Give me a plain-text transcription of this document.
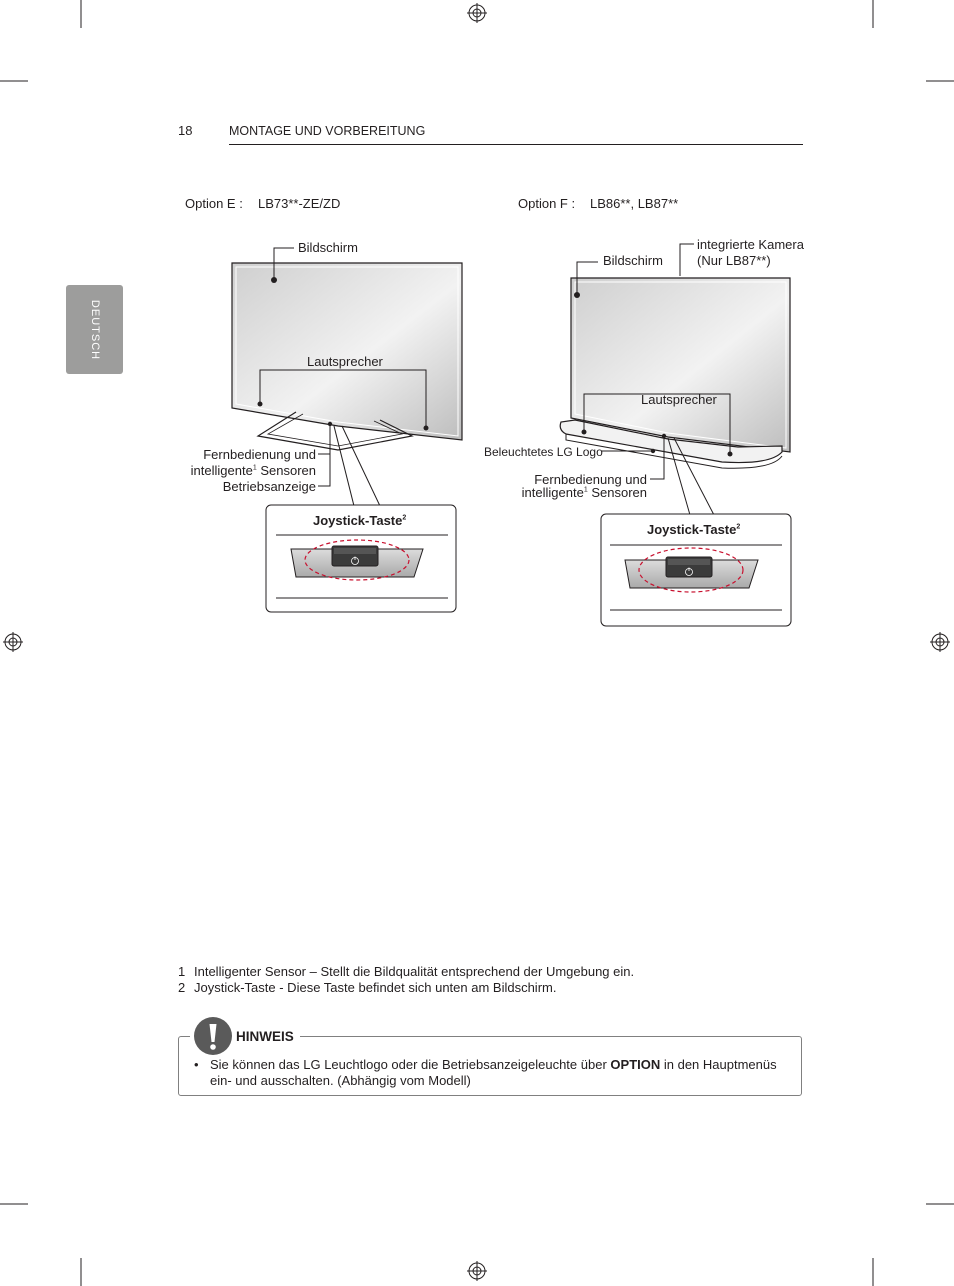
18	MONTAGE UND VORBEREITUNG
DEUTSCH
Option E : LB73**-ZE/ZD	Option F : LB86**, LB87**
Bildschirm
Lautsprecher
Fernbedienung und
intelligente$^1$ Sensoren
Betriebsanzeige
Joystick-Taste$^2$
Bildschirm
integrierte Kamera
(Nur LB87**)
Lautsprecher
Beleuchtetes LG Logo
Fernbedienung und
intelligente$^1$ Sensoren
Joystick-Taste$^2$
1 Intelligenter Sensor – Stellt die Bildqualität entsprechend der Umgebung ein.
2 Joystick-Taste - Diese Taste befindet sich unten am Bildschirm.
HINWEIS
• Sie können das LG Leuchtlogo oder die Betriebsanzeigeleuchte über OPTION in den Hauptmenüs
ein- und ausschalten. (Abhängig vom Modell)
